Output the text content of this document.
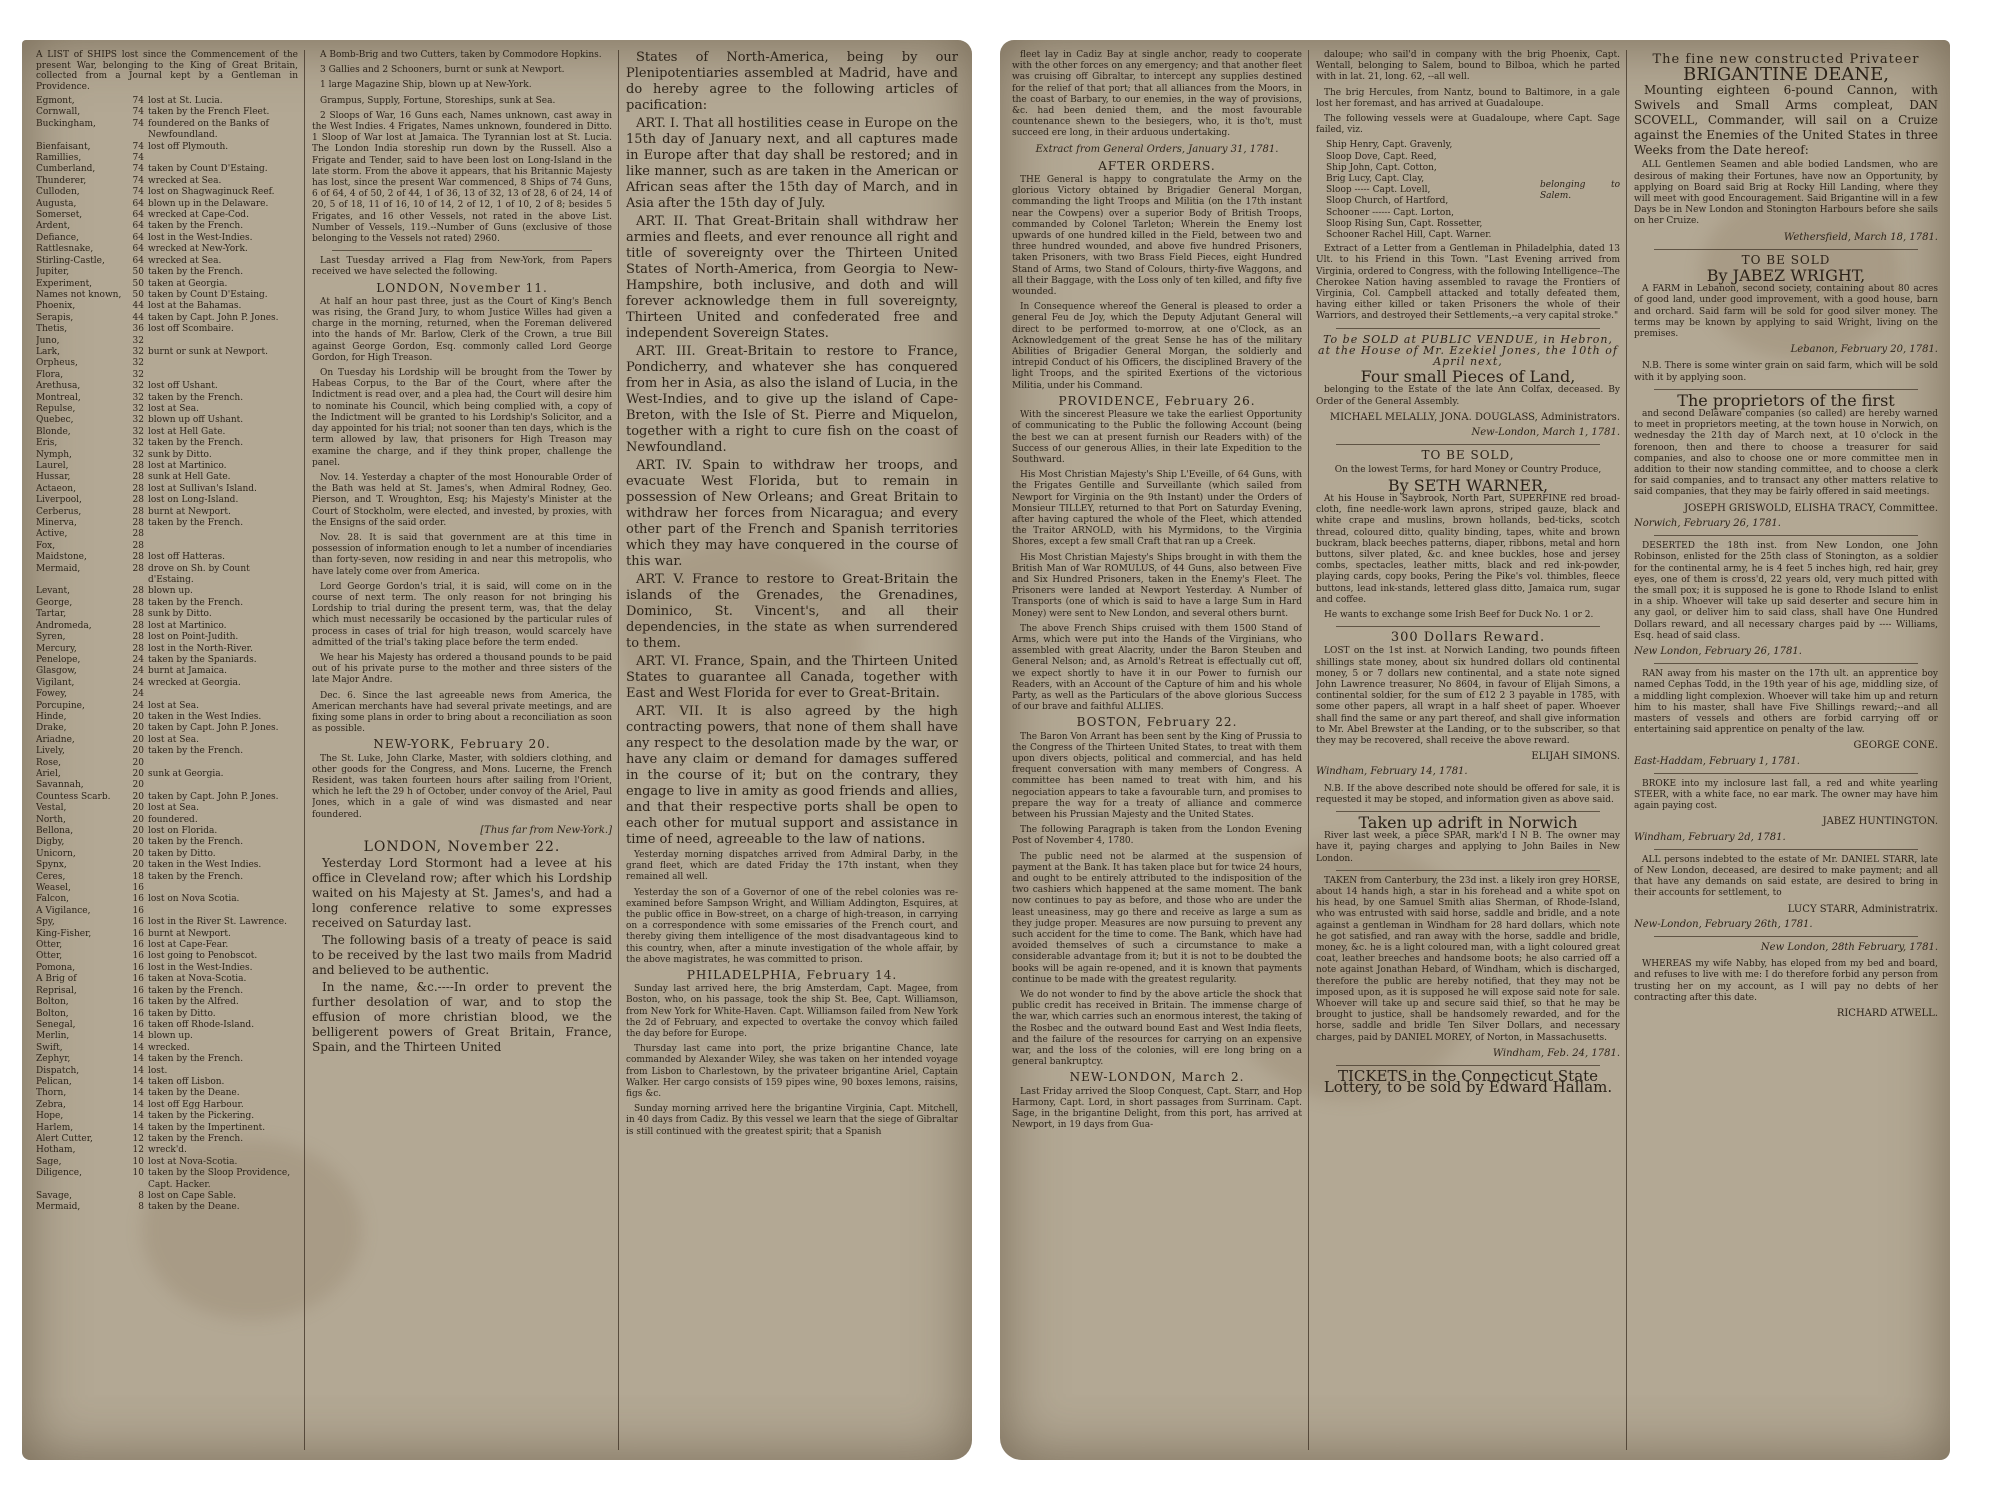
A LIST of SHIPS lost since the Commencement of the present War, belonging to the King of Great Britain, collected from a Journal kept by a Gentleman in Providence.
Egmont,	74 lost at St. Lucia.
Cornwall,	74 taken by the French Fleet.
Buckingham,	74 foundered on the Banks of Newfoundland.
Bienfaisant,	74 lost off Plymouth.
Ramillies,	74
Cumberland,	74 taken by Count D'Estaing.
Thunderer,	74 wrecked at Sea.
Culloden,	74 lost on Shagwaginuck Reef.
Augusta,	64 blown up in the Delaware.
Somerset,	64 wrecked at Cape-Cod.
Ardent,	64 taken by the French.
Defiance,	64 lost in the West-Indies.
Rattlesnake,	64 wrecked at New-York.
Stirling-Castle,	64 wrecked at Sea.
Jupiter,	50 taken by the French.
Experiment,	50 taken at Georgia.
Names not known,	50 taken by Count D'Estaing.
Phoenix,	44 lost at the Bahamas.
Serapis,	44 taken by Capt. John P. Jones.
Thetis,	36 lost off Scombaire.
Juno,	32
Lark,	32 burnt or sunk at Newport.
Orpheus,	32
Flora,	32
Arethusa,	32 lost off Ushant.
Montreal,	32 taken by the French.
Repulse,	32 lost at Sea.
Quebec,	32 blown up off Ushant.
Blonde,	32 lost at Hell Gate.
Eris,	32 taken by the French.
Nymph,	32 sunk by Ditto.
Laurel,	28 lost at Martinico.
Hussar,	28 sunk at Hell Gate.
Actaeon,	28 lost at Sullivan's Island.
Liverpool,	28 lost on Long-Island.
Cerberus,	28 burnt at Newport.
Minerva,	28 taken by the French.
Active,	28
Fox,	28
Maidstone,	28 lost off Hatteras.
Mermaid,	28 drove on Sh. by Count d'Estaing.
Levant,	28 blown up.
George,	28 taken by the French.
Tartar,	28 sunk by Ditto.
Andromeda,	28 lost at Martinico.
Syren,	28 lost on Point-Judith.
Mercury,	28 lost in the North-River.
Penelope,	24 taken by the Spaniards.
Glasgow,	24 burnt at Jamaica.
Vigilant,	24 wrecked at Georgia.
Fowey,	24
Porcupine,	24 lost at Sea.
Hinde,	20 taken in the West Indies.
Drake,	20 taken by Capt. John P. Jones.
Ariadne,	20 lost at Sea.
Lively,	20 taken by the French.
Rose,	20
Ariel,	20 sunk at Georgia.
Savannah,	20
Countess Scarb.	20 taken by Capt. John P. Jones.
Vestal,	20 lost at Sea.
North,	20 foundered.
Bellona,	20 lost on Florida.
Digby,	20 taken by the French.
Unicorn,	20 taken by Ditto.
Spynx,	20 taken in the West Indies.
Ceres,	18 taken by the French.
Weasel,	16
Falcon,	16 lost on Nova Scotia.
A Vigilance,	16
Spy,	16 lost in the River St. Lawrence.
King-Fisher,	16 burnt at Newport.
Otter,	16 lost at Cape-Fear.
Otter,	16 lost going to Penobscot.
Pomona,	16 lost in the West-Indies.
A Brig of	16 taken at Nova-Scotia.
Reprisal,	16 taken by the French.
Bolton,	16 taken by the Alfred.
Bolton,	16 taken by Ditto.
Senegal,	16 taken off Rhode-Island.
Merlin,	14 blown up.
Swift,	14 wrecked.
Zephyr,	14 taken by the French.
Dispatch,	14 lost.
Pelican,	14 taken off Lisbon.
Thorn,	14 taken by the Deane.
Zebra,	14 lost off Egg Harbour.
Hope,	14 taken by the Pickering.
Harlem,	14 taken by the Impertinent.
Alert Cutter,	12 taken by the French.
Hotham,	12 wreck'd.
Sage,	10 lost at Nova-Scotia.
Diligence,	10 taken by the Sloop Providence, Capt. Hacker.
Savage,	8 lost on Cape Sable.
Mermaid,	8 taken by the Deane.

A Bomb-Brig and two Cutters, taken by Commodore Hopkins.

3 Gallies and 2 Schooners, burnt or sunk at Newport.

1 large Magazine Ship, blown up at New-York.

Grampus, Supply, Fortune, Storeships, sunk at Sea.

2 Sloops of War, 16 Guns each, Names unknown, cast away in the West Indies. 4 Frigates, Names unknown, foundered in Ditto. 1 Sloop of War lost at Jamaica. The Tyrannian lost at St. Lucia. The London India storeship run down by the Russell. Also a Frigate and Tender, said to have been lost on Long-Island in the late storm. From the above it appears, that his Britannic Majesty has lost, since the present War commenced, 8 Ships of 74 Guns, 6 of 64, 4 of 50, 2 of 44, 1 of 36, 13 of 32, 13 of 28, 6 of 24, 14 of 20, 5 of 18, 11 of 16, 10 of 14, 2 of 12, 1 of 10, 2 of 8; besides 5 Frigates, and 16 other Vessels, not rated in the above List. Number of Vessels, 119.--Number of Guns (exclusive of those belonging to the Vessels not rated) 2960.

Last Tuesday arrived a Flag from New-York, from Papers received we have selected the following.

LONDON, November 11.

At half an hour past three, just as the Court of King's Bench was rising, the Grand Jury, to whom Justice Willes had given a charge in the morning, returned, when the Foreman delivered into the hands of Mr. Barlow, Clerk of the Crown, a true Bill against George Gordon, Esq. commonly called Lord George Gordon, for High Treason.

On Tuesday his Lordship will be brought from the Tower by Habeas Corpus, to the Bar of the Court, where after the Indictment is read over, and a plea had, the Court will desire him to nominate his Council, which being complied with, a copy of the Indictment will be granted to his Lordship's Solicitor, and a day appointed for his trial; not sooner than ten days, which is the term allowed by law, that prisoners for High Treason may examine the charge, and if they think proper, challenge the panel.

Nov. 14. Yesterday a chapter of the most Honourable Order of the Bath was held at St. James's, when Admiral Rodney, Geo. Pierson, and T. Wroughton, Esq; his Majesty's Minister at the Court of Stockholm, were elected, and invested, by proxies, with the Ensigns of the said order.

Nov. 28. It is said that government are at this time in possession of information enough to let a number of incendiaries than forty-seven, now residing in and near this metropolis, who have lately come over from America.

Lord George Gordon's trial, it is said, will come on in the course of next term. The only reason for not bringing his Lordship to trial during the present term, was, that the delay which must necessarily be occasioned by the particular rules of process in cases of trial for high treason, would scarcely have admitted of the trial's taking place before the term ended.

We hear his Majesty has ordered a thousand pounds to be paid out of his private purse to the mother and three sisters of the late Major Andre.

Dec. 6. Since the last agreeable news from America, the American merchants have had several private meetings, and are fixing some plans in order to bring about a reconciliation as soon as possible.

NEW-YORK, February 20.

The St. Luke, John Clarke, Master, with soldiers clothing, and other goods for the Congress, and Mons. Lucerne, the French Resident, was taken fourteen hours after sailing from l'Orient, which he left the 29 h of October, under convoy of the Ariel, Paul Jones, which in a gale of wind was dismasted and near foundered.

[Thus far from New-York.]
LONDON, November 22.

Yesterday Lord Stormont had a levee at his office in Cleveland row; after which his Lordship waited on his Majesty at St. James's, and had a long conference relative to some expresses received on Saturday last.

The following basis of a treaty of peace is said to be received by the last two mails from Madrid and believed to be authentic.

In the name, &c.----In order to prevent the further desolation of war, and to stop the effusion of more christian blood, we the belligerent powers of Great Britain, France, Spain, and the Thirteen United

States of North-America, being by our Plenipotentiaries assembled at Madrid, have and do hereby agree to the following articles of pacification:

ART. I. That all hostilities cease in Europe on the 15th day of January next, and all captures made in Europe after that day shall be restored; and in like manner, such as are taken in the American or African seas after the 15th day of March, and in Asia after the 15th day of July.

ART. II. That Great-Britain shall withdraw her armies and fleets, and ever renounce all right and title of sovereignty over the Thirteen United States of North-America, from Georgia to New-Hampshire, both inclusive, and doth and will forever acknowledge them in full sovereignty, Thirteen United and confederated free and independent Sovereign States.

ART. III. Great-Britain to restore to France, Pondicherry, and whatever she has conquered from her in Asia, as also the island of Lucia, in the West-Indies, and to give up the island of Cape-Breton, with the Isle of St. Pierre and Miquelon, together with a right to cure fish on the coast of Newfoundland.

ART. IV. Spain to withdraw her troops, and evacuate West Florida, but to remain in possession of New Orleans; and Great Britain to withdraw her forces from Nicaragua; and every other part of the French and Spanish territories which they may have conquered in the course of this war.

ART. V. France to restore to Great-Britain the islands of the Grenades, the Grenadines, Dominico, St. Vincent's, and all their dependencies, in the state as when surrendered to them.

ART. VI. France, Spain, and the Thirteen United States to guarantee all Canada, together with East and West Florida for ever to Great-Britain.

ART. VII. It is also agreed by the high contracting powers, that none of them shall have any respect to the desolation made by the war, or have any claim or demand for damages suffered in the course of it; but on the contrary, they engage to live in amity as good friends and allies, and that their respective ports shall be open to each other for mutual support and assistance in time of need, agreeable to the law of nations.

Yesterday morning dispatches arrived from Admiral Darby, in the grand fleet, which are dated Friday the 17th instant, when they remained all well.

Yesterday the son of a Governor of one of the rebel colonies was re-examined before Sampson Wright, and William Addington, Esquires, at the public office in Bow-street, on a charge of high-treason, in carrying on a correspondence with some emissaries of the French court, and thereby giving them intelligence of the most disadvantageous kind to this country, when, after a minute investigation of the whole affair, by the above magistrates, he was committed to prison.

PHILADELPHIA, February 14.

Sunday last arrived here, the brig Amsterdam, Capt. Magee, from Boston, who, on his passage, took the ship St. Bee, Capt. Williamson, from New York for White-Haven. Capt. Williamson failed from New York the 2d of February, and expected to overtake the convoy which failed the day before for Europe.

Thursday last came into port, the prize brigantine Chance, late commanded by Alexander Wiley, she was taken on her intended voyage from Lisbon to Charlestown, by the privateer brigantine Ariel, Captain Walker. Her cargo consists of 159 pipes wine, 90 boxes lemons, raisins, figs &c.

Sunday morning arrived here the brigantine Virginia, Capt. Mitchell, in 40 days from Cadiz. By this vessel we learn that the siege of Gibraltar is still continued with the greatest spirit; that a Spanish

fleet lay in Cadiz Bay at single anchor, ready to cooperate with the other forces on any emergency; and that another fleet was cruising off Gibraltar, to intercept any supplies destined for the relief of that port; that all alliances from the Moors, in the coast of Barbary, to our enemies, in the way of provisions, &c. had been denied them, and the most favourable countenance shewn to the besiegers, who, it is tho't, must succeed ere long, in their arduous undertaking.

Extract from General Orders, January 31, 1781.
AFTER ORDERS.

THE General is happy to congratulate the Army on the glorious Victory obtained by Brigadier General Morgan, commanding the light Troops and Militia (on the 17th instant near the Cowpens) over a superior Body of British Troops, commanded by Colonel Tarleton; Wherein the Enemy lost upwards of one hundred killed in the Field, between two and three hundred wounded, and above five hundred Prisoners, taken Prisoners, with two Brass Field Pieces, eight Hundred Stand of Arms, two Stand of Colours, thirty-five Waggons, and all their Baggage, with the Loss only of ten killed, and fifty five wounded.

In Consequence whereof the General is pleased to order a general Feu de Joy, which the Deputy Adjutant General will direct to be performed to-morrow, at one o'Clock, as an Acknowledgement of the great Sense he has of the military Abilities of Brigadier General Morgan, the soldierly and intrepid Conduct of his Officers, the disciplined Bravery of the light Troops, and the spirited Exertions of the victorious Militia, under his Command.

PROVIDENCE, February 26.

With the sincerest Pleasure we take the earliest Opportunity of communicating to the Public the following Account (being the best we can at present furnish our Readers with) of the Success of our generous Allies, in their late Expedition to the Southward.

His Most Christian Majesty's Ship L'Eveille, of 64 Guns, with the Frigates Gentille and Surveillante (which sailed from Newport for Virginia on the 9th Instant) under the Orders of Monsieur TILLEY, returned to that Port on Saturday Evening, after having captured the whole of the Fleet, which attended the Traitor ARNOLD, with his Myrmidons, to the Virginia Shores, except a few small Craft that ran up a Creek.

His Most Christian Majesty's Ships brought in with them the British Man of War ROMULUS, of 44 Guns, also between Five and Six Hundred Prisoners, taken in the Enemy's Fleet. The Prisoners were landed at Newport Yesterday. A Number of Transports (one of which is said to have a large Sum in Hard Money) were sent to New London, and several others burnt.

The above French Ships cruised with them 1500 Stand of Arms, which were put into the Hands of the Virginians, who assembled with great Alacrity, under the Baron Steuben and General Nelson; and, as Arnold's Retreat is effectually cut off, we expect shortly to have it in our Power to furnish our Readers, with an Account of the Capture of him and his whole Party, as well as the Particulars of the above glorious Success of our brave and faithful ALLIES.

BOSTON, February 22.

The Baron Von Arrant has been sent by the King of Prussia to the Congress of the Thirteen United States, to treat with them upon divers objects, political and commercial, and has held frequent conversation with many members of Congress. A committee has been named to treat with him, and his negociation appears to take a favourable turn, and promises to prepare the way for a treaty of alliance and commerce between his Prussian Majesty and the United States.

The following Paragraph is taken from the London Evening Post of November 4, 1780.

The public need not be alarmed at the suspension of payment at the Bank. It has taken place but for twice 24 hours, and ought to be entirely attributed to the indisposition of the two cashiers which happened at the same moment. The bank now continues to pay as before, and those who are under the least uneasiness, may go there and receive as large a sum as they judge proper. Measures are now pursuing to prevent any such accident for the time to come. The Bank, which have had avoided themselves of such a circumstance to make a considerable advantage from it; but it is not to be doubted the books will be again re-opened, and it is known that payments continue to be made with the greatest regularity.

We do not wonder to find by the above article the shock that public credit has received in Britain. The immense charge of the war, which carries such an enormous interest, the taking of the Rosbec and the outward bound East and West India fleets, and the failure of the resources for carrying on an expensive war, and the loss of the colonies, will ere long bring on a general bankruptcy.

NEW-LONDON, March 2.

Last Friday arrived the Sloop Conquest, Capt. Starr, and Hop Harmony, Capt. Lord, in short passages from Surrinam. Capt. Sage, in the brigantine Delight, from this port, has arrived at Newport, in 19 days from Gua-

daloupe; who sail'd in company with the brig Phoenix, Capt. Wentall, belonging to Salem, bound to Bilboa, which he parted with in lat. 21, long. 62, --all well.

The brig Hercules, from Nantz, bound to Baltimore, in a gale lost her foremast, and has arrived at Guadaloupe.

The following vessels were at Guadaloupe, where Capt. Sage failed, viz.

Ship Henry, Capt. Gravenly,
Sloop Dove, Capt. Reed,
Ship John, Capt. Cotton,
Brig Lucy, Capt. Clay,
Sloop ----- Capt. Lovell,
Sloop Church, of Hartford,
Schooner ------ Capt. Lorton,
Sloop Rising Sun, Capt. Rossetter,
Schooner Rachel Hill, Capt. Warner.
belonging to Salem.

Extract of a Letter from a Gentleman in Philadelphia, dated 13 Ult. to his Friend in this Town. "Last Evening arrived from Virginia, ordered to Congress, with the following Intelligence--The Cherokee Nation having assembled to ravage the Frontiers of Virginia, Col. Campbell attacked and totally defeated them, having either killed or taken Prisoners the whole of their Warriors, and destroyed their Settlements,--a very capital stroke."

To be SOLD at PUBLIC VENDUE, in Hebron, at the House of Mr. Ezekiel Jones, the 10th of April next,
Four small Pieces of Land,

belonging to the Estate of the late Ann Colfax, deceased. By Order of the General Assembly.

MICHAEL MELALLY, JONA. DOUGLASS, Administrators.
New-London, March 1, 1781.
TO BE SOLD,
On the lowest Terms, for hard Money or Country Produce,
By SETH WARNER,

At his House in Saybrook, North Part, SUPERFINE red broad-cloth, fine needle-work lawn aprons, striped gauze, black and white crape and muslins, brown hollands, bed-ticks, scotch thread, coloured ditto, quality binding, tapes, white and brown buckram, black beeches patterns, diaper, ribbons, metal and horn buttons, silver plated, &c. and knee buckles, hose and jersey combs, spectacles, leather mitts, black and red ink-powder, playing cards, copy books, Pering the Pike's vol. thimbles, fleece buttons, lead ink-stands, lettered glass ditto, Jamaica rum, sugar and coffee.

He wants to exchange some Irish Beef for Duck No. 1 or 2.

300 Dollars Reward.

LOST on the 1st inst. at Norwich Landing, two pounds fifteen shillings state money, about six hundred dollars old continental money, 5 or 7 dollars new continental, and a state note signed John Lawrence treasurer, No 8604, in favour of Elijah Simons, a continental soldier, for the sum of £12 2 3 payable in 1785, with some other papers, all wrapt in a half sheet of paper. Whoever shall find the same or any part thereof, and shall give information to Mr. Abel Brewster at the Landing, or to the subscriber, so that they may be recovered, shall receive the above reward.

ELIJAH SIMONS.
Windham, February 14, 1781.

N.B. If the above described note should be offered for sale, it is requested it may be stoped, and information given as above said.

Taken up adrift in Norwich

River last week, a piece SPAR, mark'd I N B. The owner may have it, paying charges and applying to John Bailes in New London.

TAKEN from Canterbury, the 23d inst. a likely iron grey HORSE, about 14 hands high, a star in his forehead and a white spot on his head, by one Samuel Smith alias Sherman, of Rhode-Island, who was entrusted with said horse, saddle and bridle, and a note against a gentleman in Windham for 28 hard dollars, which note he got satisfied, and ran away with the horse, saddle and bridle, money, &c. he is a light coloured man, with a light coloured great coat, leather breeches and handsome boots; he also carried off a note against Jonathan Hebard, of Windham, which is discharged, therefore the public are hereby notified, that they may not be imposed upon, as it is supposed he will expose said note for sale. Whoever will take up and secure said thief, so that he may be brought to justice, shall be handsomely rewarded, and for the horse, saddle and bridle Ten Silver Dollars, and necessary charges, paid by DANIEL MOREY, of Norton, in Massachusetts.

Windham, Feb. 24, 1781.
TICKETS in the Connecticut State Lottery, to be sold by Edward Hallam.
The fine new constructed Privateer
BRIGANTINE DEANE,

Mounting eighteen 6-pound Cannon, with Swivels and Small Arms compleat, DAN SCOVELL, Commander, will sail on a Cruize against the Enemies of the United States in three Weeks from the Date hereof:

ALL Gentlemen Seamen and able bodied Landsmen, who are desirous of making their Fortunes, have now an Opportunity, by applying on Board said Brig at Rocky Hill Landing, where they will meet with good Encouragement. Said Brigantine will in a few Days be in New London and Stonington Harbours before she sails on her Cruize.

Wethersfield, March 18, 1781.
TO BE SOLD
By JABEZ WRIGHT,

A FARM in Lebanon, second society, containing about 80 acres of good land, under good improvement, with a good house, barn and orchard. Said farm will be sold for good silver money. The terms may be known by applying to said Wright, living on the premises.

Lebanon, February 20, 1781.

N.B. There is some winter grain on said farm, which will be sold with it by applying soon.

The proprietors of the first

and second Delaware companies (so called) are hereby warned to meet in proprietors meeting, at the town house in Norwich, on wednesday the 21th day of March next, at 10 o'clock in the forenoon, then and there to choose a treasurer for said companies, and also to choose one or more committee men in addition to their now standing committee, and to choose a clerk for said companies, and to transact any other matters relative to said companies, that they may be fairly offered in said meetings.

JOSEPH GRISWOLD, ELISHA TRACY, Committee.
Norwich, February 26, 1781.

DESERTED the 18th inst. from New London, one John Robinson, enlisted for the 25th class of Stonington, as a soldier for the continental army, he is 4 feet 5 inches high, red hair, grey eyes, one of them is cross'd, 22 years old, very much pitted with the small pox; it is supposed he is gone to Rhode Island to enlist in a ship. Whoever will take up said deserter and secure him in any gaol, or deliver him to said class, shall have One Hundred Dollars reward, and all necessary charges paid by ---- Williams, Esq. head of said class.

New London, February 26, 1781.

RAN away from his master on the 17th ult. an apprentice boy named Cephas Todd, in the 19th year of his age, middling size, of a middling light complexion. Whoever will take him up and return him to his master, shall have Five Shillings reward;--and all masters of vessels and others are forbid carrying off or entertaining said apprentice on penalty of the law.

GEORGE CONE.
East-Haddam, February 1, 1781.

BROKE into my inclosure last fall, a red and white yearling STEER, with a white face, no ear mark. The owner may have him again paying cost.

JABEZ HUNTINGTON.
Windham, February 2d, 1781.

ALL persons indebted to the estate of Mr. DANIEL STARR, late of New London, deceased, are desired to make payment; and all that have any demands on said estate, are desired to bring in their accounts for settlement, to

LUCY STARR, Administratrix.
New-London, February 26th, 1781.
New London, 28th February, 1781.

WHEREAS my wife Nabby, has eloped from my bed and board, and refuses to live with me: I do therefore forbid any person from trusting her on my account, as I will pay no debts of her contracting after this date.

RICHARD ATWELL.
